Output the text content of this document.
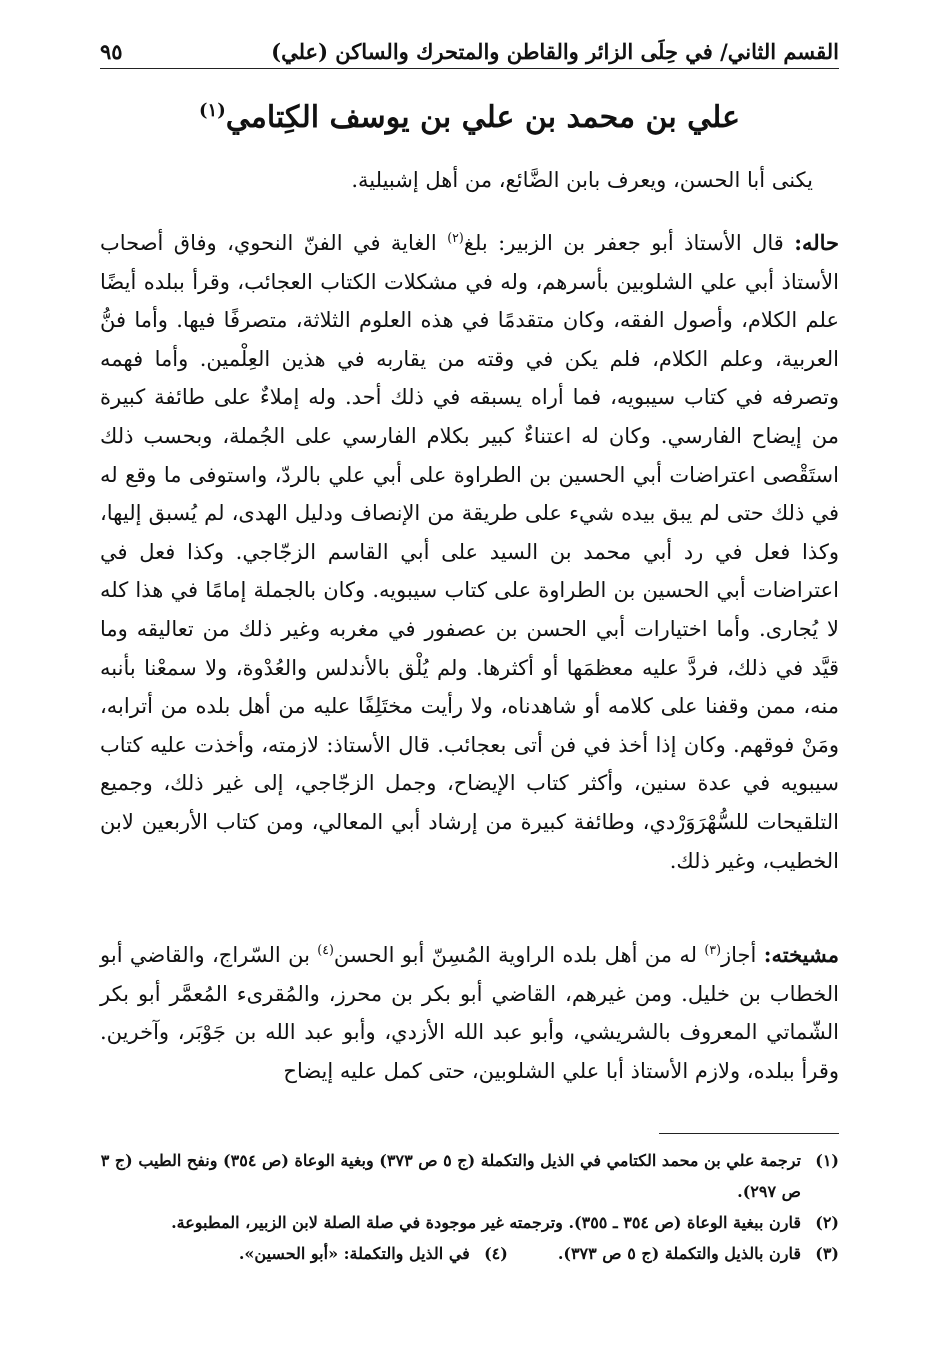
القسم الثاني/ في حِلَى الزائر والقاطن والمتحرك والساكن (علي)
٩٥
علي بن محمد بن علي بن يوسف الكِتامي$^{(١)}$
يكنى أبا الحسن، ويعرف بابن الضَّائع، من أهل إشبيلية.
حاله: قال الأستاذ أبو جعفر بن الزبير: بلغ$^{(٢)}$ الغاية في الفنّ النحوي، وفاق أصحاب الأستاذ أبي علي الشلوبين بأسرهم، وله في مشكلات الكتاب العجائب، وقرأ ببلده أيضًا علم الكلام، وأصول الفقه، وكان متقدمًا في هذه العلوم الثلاثة، متصرفًا فيها. وأما فنُّ العربية، وعلم الكلام، فلم يكن في وقته من يقاربه في هذين العِلْمين. وأما فهمه وتصرفه في كتاب سيبويه، فما أراه يسبقه في ذلك أحد. وله إملاءٌ على طائفة كبيرة من إيضاح الفارسي. وكان له اعتناءٌ كبير بكلام الفارسي على الجُملة، وبحسب ذلك استَقْصى اعتراضات أبي الحسين بن الطراوة على أبي علي بالردّ، واستوفى ما وقع له في ذلك حتى لم يبق بيده شيء على طريقة من الإنصاف ودليل الهدى، لم يُسبق إليها، وكذا فعل في رد أبي محمد بن السيد على أبي القاسم الزجّاجي. وكذا فعل في اعتراضات أبي الحسين بن الطراوة على كتاب سيبويه. وكان بالجملة إمامًا في هذا كله لا يُجارى. وأما اختيارات أبي الحسن بن عصفور في مغربه وغير ذلك من تعاليقه وما قيَّد في ذلك، فردَّ عليه معظمَها أو أكثرها. ولم يُلْق بالأندلس والعُدْوة، ولا سمعْنا بأنبه منه، ممن وقفنا على كلامه أو شاهدناه، ولا رأيت مختَلِفًا عليه من أهل بلده من أترابه، ومَنْ فوقهم. وكان إذا أخذ في فن أتى بعجائب. قال الأستاذ: لازمته، وأخذت عليه كتاب سيبويه في عدة سنين، وأكثر كتاب الإيضاح، وجمل الزجّاجي، إلى غير ذلك، وجميع التلقيحات للسُّهْرَوَرْدي، وطائفة كبيرة من إرشاد أبي المعالي، ومن كتاب الأربعين لابن الخطيب، وغير ذلك.
مشيخته: أجاز$^{(٣)}$ له من أهل بلده الراوية المُسِنّ أبو الحسن$^{(٤)}$ بن السّراج، والقاضي أبو الخطاب بن خليل. ومن غيرهم، القاضي أبو بكر بن محرز، والمُقرىء المُعمَّر أبو بكر الشّماتي المعروف بالشريشي، وأبو عبد الله الأزدي، وأبو عبد الله بن جَوْبَر، وآخرين. وقرأ ببلده، ولازم الأستاذ أبا علي الشلوبين، حتى كمل عليه إيضاح
(١)
ترجمة علي بن محمد الكتامي في الذيل والتكملة (ج ٥ ص ٣٧٣) وبغية الوعاة (ص ٣٥٤) ونفح الطيب (ج ٣ ص ٢٩٧).
(٢)
قارن ببغية الوعاة (ص ٣٥٤ ـ ٣٥٥). وترجمته غير موجودة في صلة الصلة لابن الزبير، المطبوعة.
(٣)
قارن بالذيل والتكملة (ج ٥ ص ٣٧٣).
(٤)
في الذيل والتكملة: «أبو الحسين».
